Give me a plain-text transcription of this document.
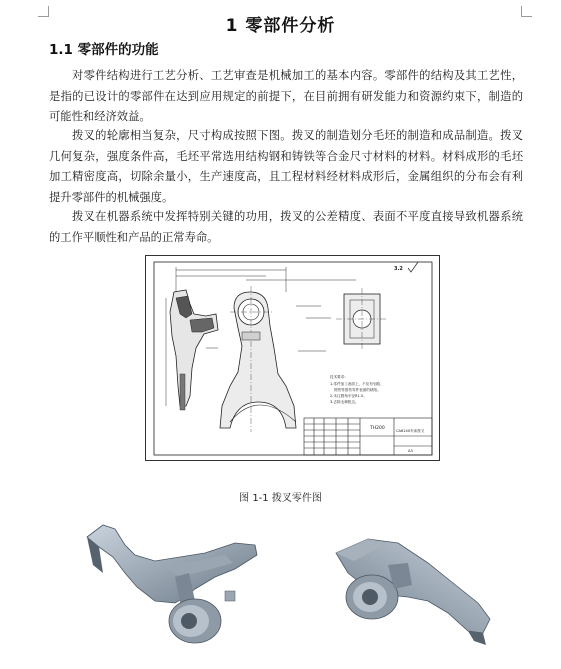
1 零部件分析
1.1 零部件的功能

对零件结构进行工艺分析、工艺审查是机械加工的基本内容。零部件的结构及其工艺性，是指的已设计的零部件在达到应用规定的前提下，在目前拥有研发能力和资源约束下，制造的可能性和经济效益。

拨叉的轮廓相当复杂，尺寸构成按照下图。拨叉的制造划分毛坯的制造和成品制造。拨叉几何复杂，强度条件高，毛坯平常选用结构钢和铸铁等合金尺寸材料的材料。材料成形的毛坯加工精密度高，切除余量小，生产速度高，且工程材料经材料成形后，金属组织的分布会有利提升零部件的机械强度。

拨叉在机器系统中发挥特别关键的功用，拨叉的公差精度、表面不平度直接导致机器系统的工作平顺性和产品的正常寿命。

3.2
技术要求:
1.零件加工表面上，不应有划痕、
擦伤等损伤零件表面的缺陷。
2.未注圆角半径R1.5。
3.去除毛刺锐边。
TH200	CA6140车床拨叉
A3
图 1-1 拨叉零件图
